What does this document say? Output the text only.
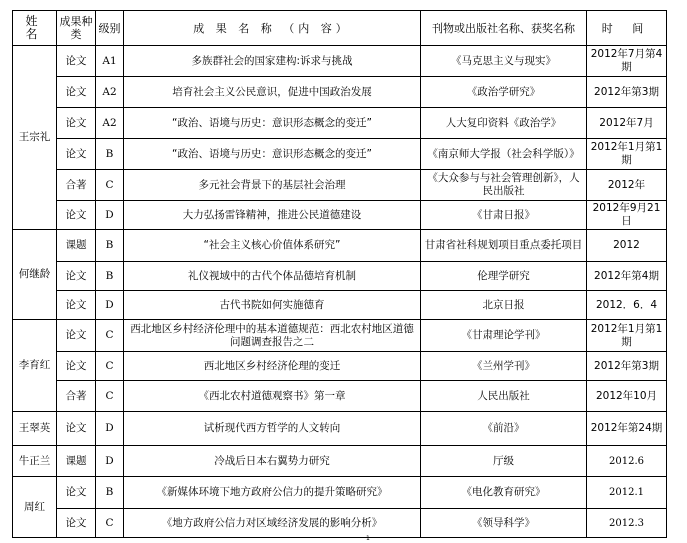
姓 名	成果种类	级别	成 果 名 称 （内 容）	刊物或出版社名称、获奖名称	时 间
王宗礼	论文	A1	多族群社会的国家建构:诉求与挑战	《马克思主义与现实》	2012年7月第4期
	论文	A2	培育社会主义公民意识，促进中国政治发展	《政治学研究》	2012年第3期
	论文	A2	“政治、语境与历史：意识形态概念的变迁”	人大复印资料《政治学》	2012年7月
	论文	B	“政治、语境与历史：意识形态概念的变迁”	《南京师大学报（社会科学版）》	2012年1月第1期
	合著	C	多元社会背景下的基层社会治理	《大众参与与社会管理创新》，人民出版社	2012年
	论文	D	大力弘扬雷锋精神，推进公民道德建设	《甘肃日报》	2012年9月21日
何继龄	课题	B	“社会主义核心价值体系研究”	甘肃省社科规划项目重点委托项目	2012
	论文	B	礼仪视域中的古代个体品德培育机制	伦理学研究	2012年第4期
	论文	D	古代书院如何实施德育	北京日报	2012．6．4
李育红	论文	C	西北地区乡村经济伦理中的基本道德规范：西北农村地区道德问题调查报告之二	《甘肃理论学刊》	2012年1月第1期
	论文	C	西北地区乡村经济伦理的变迁	《兰州学刊》	2012年第3期
	合著	C	《西北农村道德观察书》第一章	人民出版社	2012年10月
王翠英	论文	D	试析现代西方哲学的人文转向	《前沿》	2012年第24期
牛正兰	课题	D	冷战后日本右翼势力研究	厅级	2012.6
周红	论文	B	《新媒体环境下地方政府公信力的提升策略研究》	《电化教育研究》	2012.1
	论文	C	《地方政府公信力对区域经济发展的影响分析》	《领导科学》	2012.3
1
